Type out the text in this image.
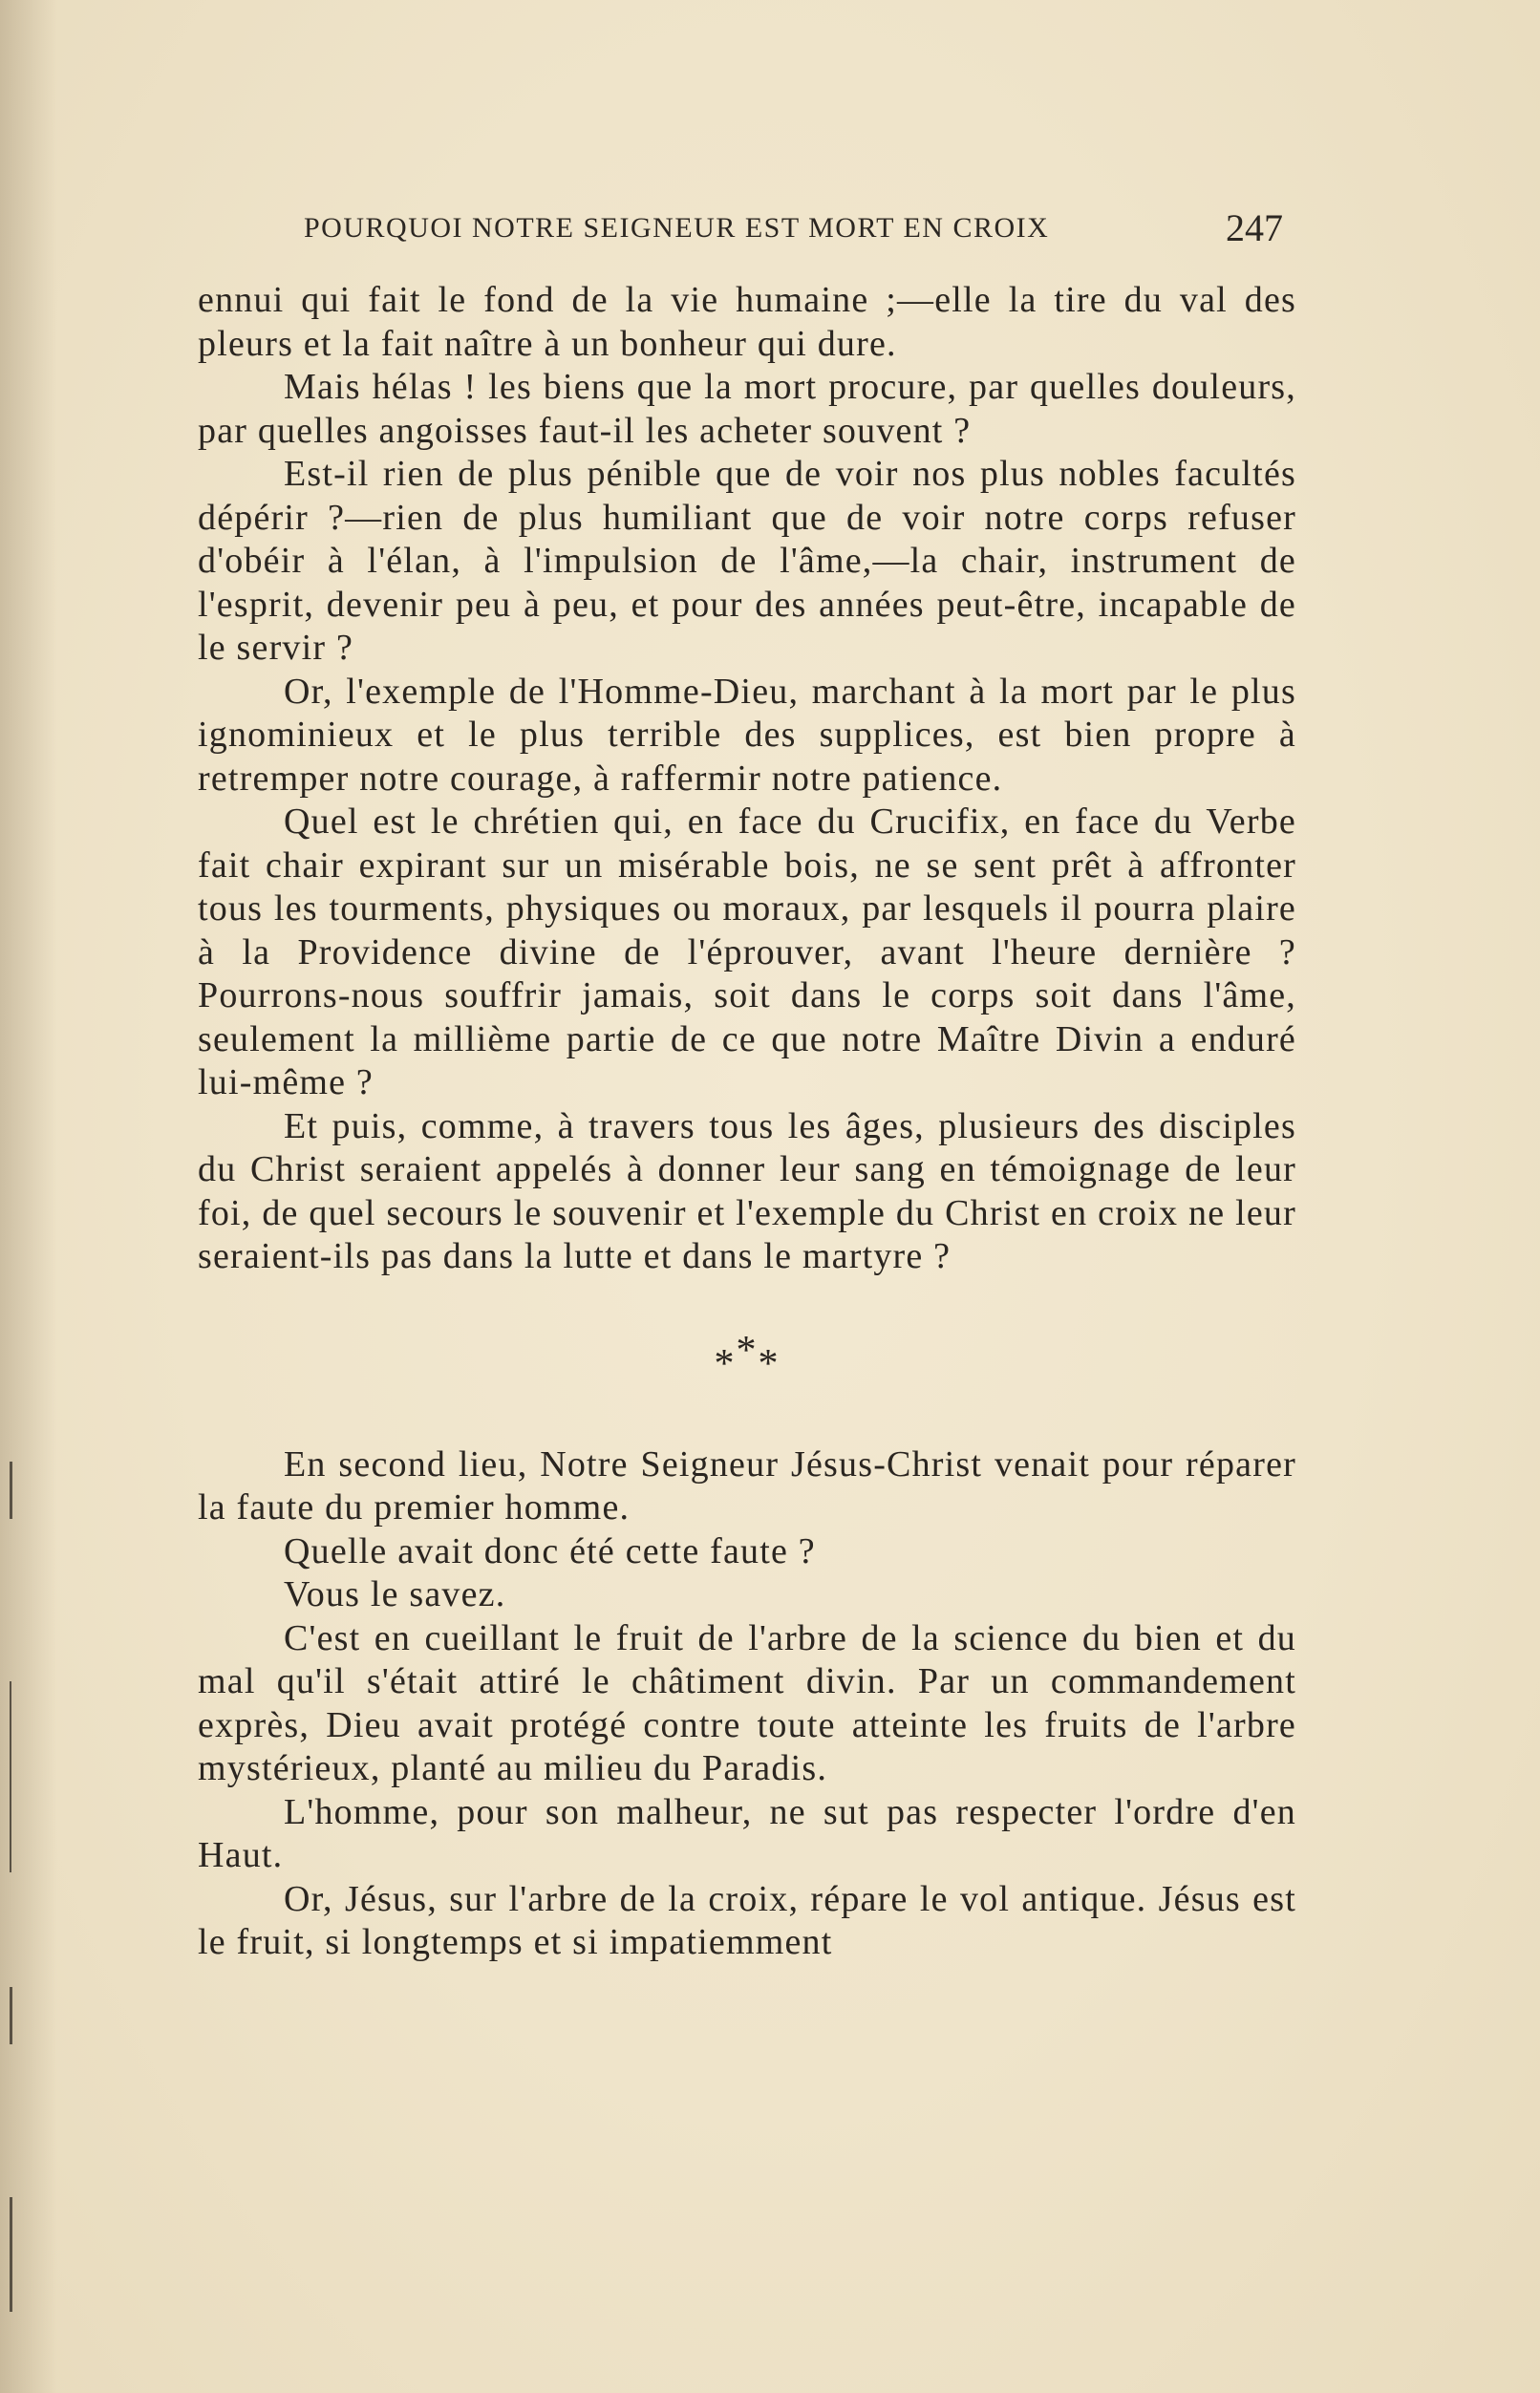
POURQUOI NOTRE SEIGNEUR EST MORT EN CROIX	247

ennui qui fait le fond de la vie humaine ;—elle la tire du val des pleurs et la fait naître à un bonheur qui dure.

Mais hélas ! les biens que la mort procure, par quelles douleurs, par quelles angoisses faut-il les acheter souvent ?

Est-il rien de plus pénible que de voir nos plus nobles facultés dépérir ?—rien de plus humiliant que de voir notre corps refuser d'obéir à l'élan, à l'impulsion de l'âme,—la chair, instrument de l'esprit, devenir peu à peu, et pour des années peut-être, incapable de le servir ?

Or, l'exemple de l'Homme-Dieu, marchant à la mort par le plus ignominieux et le plus terrible des supplices, est bien propre à retremper notre courage, à raffermir notre patience.

Quel est le chrétien qui, en face du Crucifix, en face du Verbe fait chair expirant sur un misérable bois, ne se sent prêt à affronter tous les tourments, physiques ou moraux, par lesquels il pourra plaire à la Providence divine de l'éprouver, avant l'heure dernière ? Pourrons-nous souffrir jamais, soit dans le corps soit dans l'âme, seulement la millième partie de ce que notre Maître Divin a enduré lui-même ?

Et puis, comme, à travers tous les âges, plusieurs des disciples du Christ seraient appelés à donner leur sang en témoignage de leur foi, de quel secours le souvenir et l'exemple du Christ en croix ne leur seraient-ils pas dans la lutte et dans le martyre ?

***

En second lieu, Notre Seigneur Jésus-Christ venait pour réparer la faute du premier homme.

Quelle avait donc été cette faute ?

Vous le savez.

C'est en cueillant le fruit de l'arbre de la science du bien et du mal qu'il s'était attiré le châtiment divin. Par un commandement exprès, Dieu avait protégé contre toute atteinte les fruits de l'arbre mystérieux, planté au milieu du Paradis.

L'homme, pour son malheur, ne sut pas respecter l'ordre d'en Haut.

Or, Jésus, sur l'arbre de la croix, répare le vol antique. Jésus est le fruit, si longtemps et si impatiemment
